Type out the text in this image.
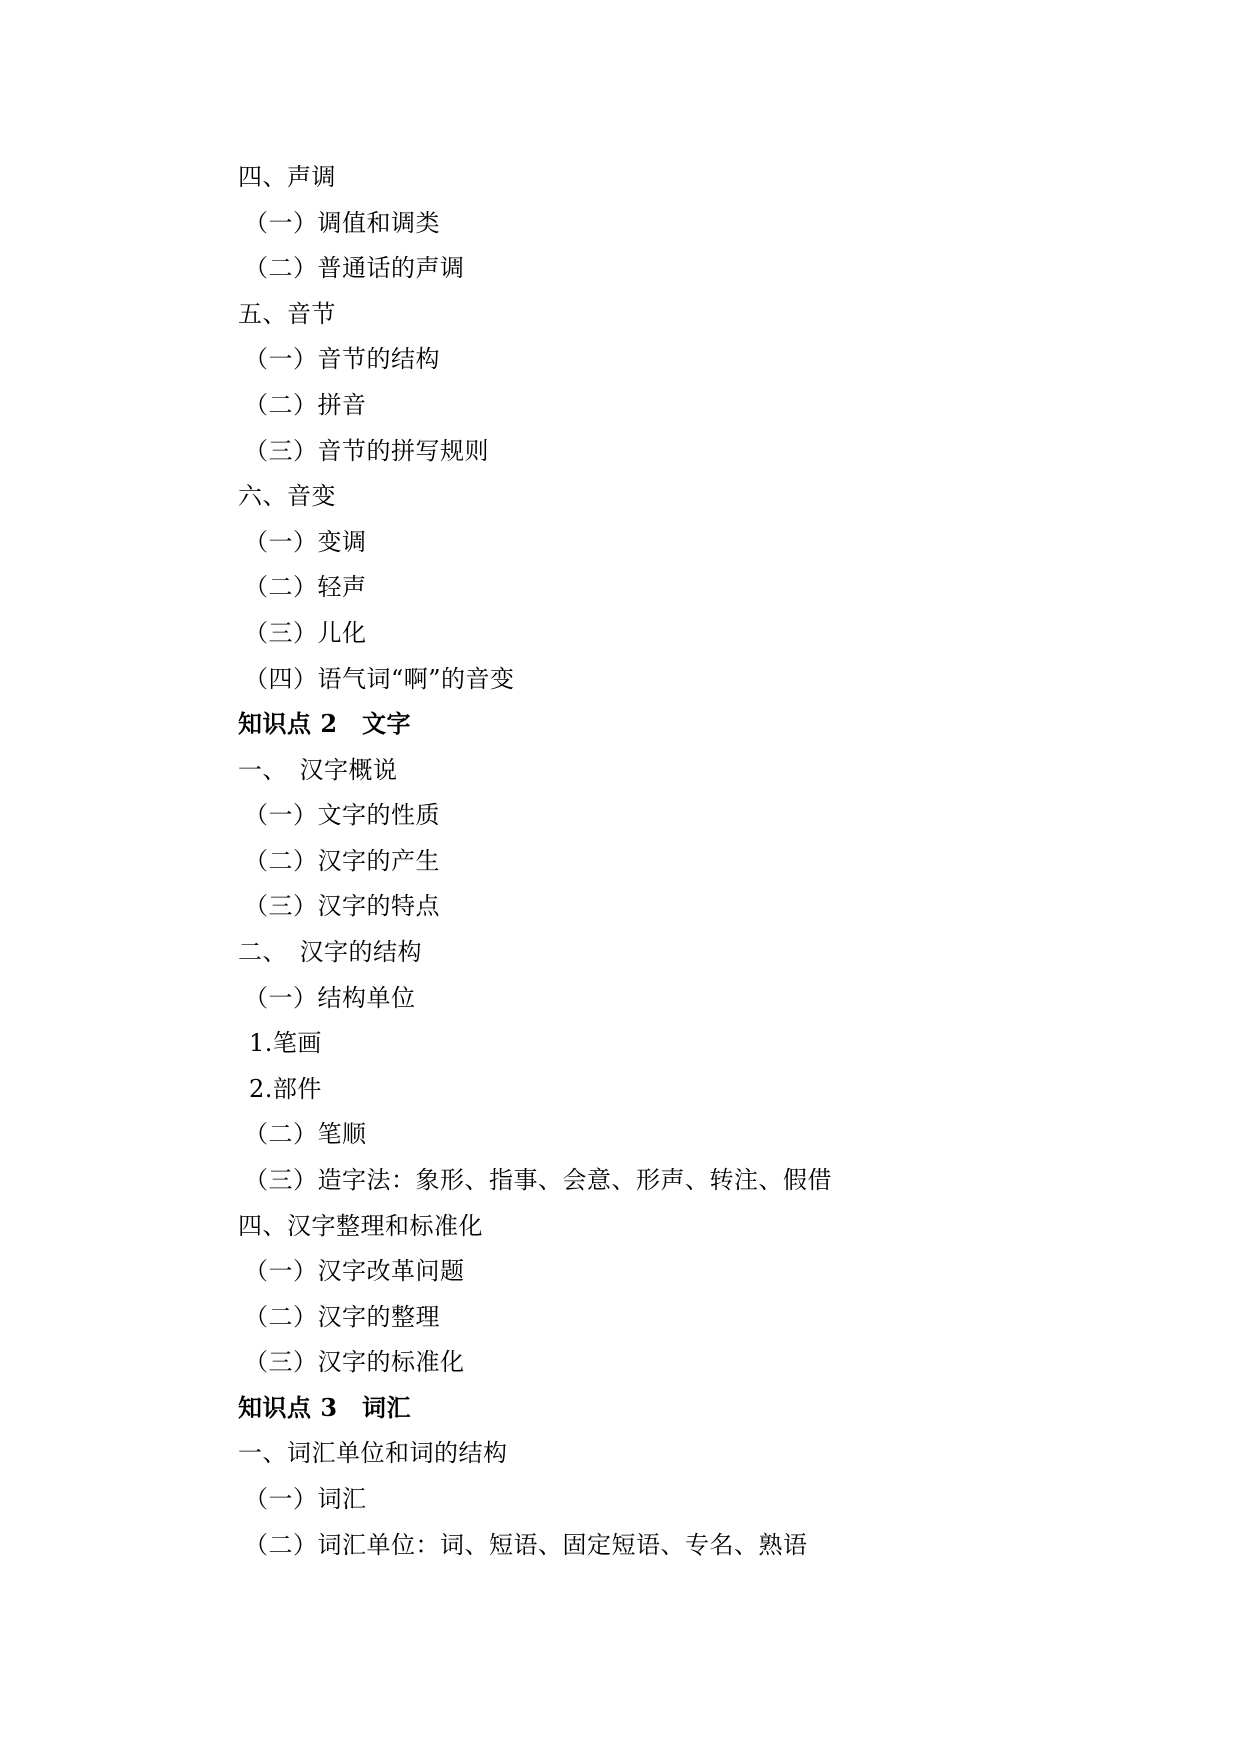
四、声调
（一）调值和调类
（二）普通话的声调
五、音节
（一）音节的结构
（二）拼音
（三）音节的拼写规则
六、音变
（一）变调
（二）轻声
（三）儿化
（四）语气词“啊”的音变
知识点 2　文字
一、　汉字概说
（一）文字的性质
（二）汉字的产生
（三）汉字的特点
二、　汉字的结构
（一）结构单位
1.笔画
2.部件
（二）笔顺
（三）造字法：象形、指事、会意、形声、转注、假借
四、汉字整理和标准化
（一）汉字改革问题
（二）汉字的整理
（三）汉字的标准化
知识点 3　词汇
一、词汇单位和词的结构
（一）词汇
（二）词汇单位：词、短语、固定短语、专名、熟语
